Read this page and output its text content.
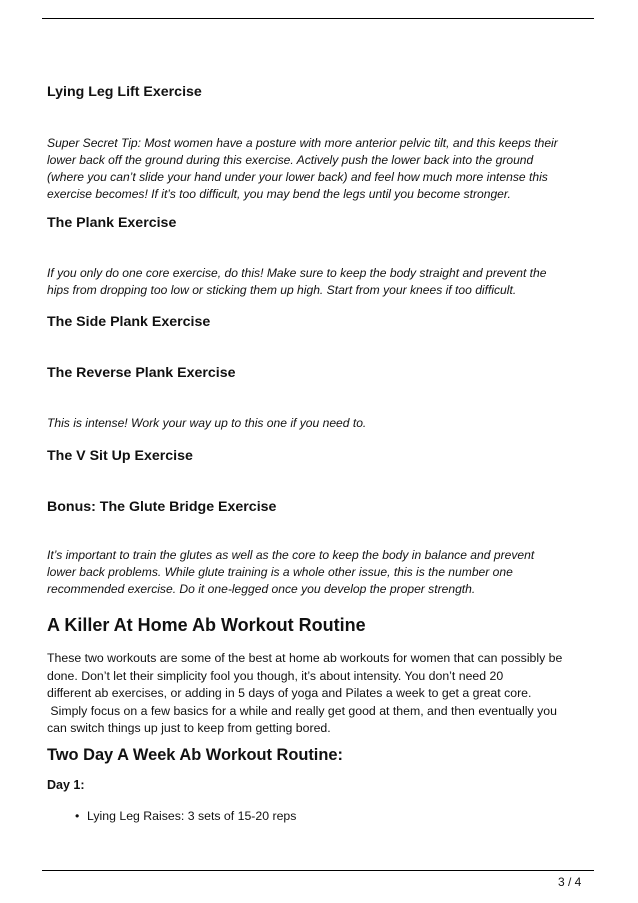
Lying Leg Lift Exercise
Super Secret Tip: Most women have a posture with more anterior pelvic tilt, and this keeps their
lower back off the ground during this exercise. Actively push the lower back into the ground
(where you can’t slide your hand under your lower back) and feel how much more intense this
exercise becomes! If it’s too difficult, you may bend the legs until you become stronger.
The Plank Exercise
If you only do one core exercise, do this! Make sure to keep the body straight and prevent the
hips from dropping too low or sticking them up high. Start from your knees if too difficult.
The Side Plank Exercise
The Reverse Plank Exercise
This is intense! Work your way up to this one if you need to.
The V Sit Up Exercise
Bonus: The Glute Bridge Exercise
It’s important to train the glutes as well as the core to keep the body in balance and prevent
lower back problems. While glute training is a whole other issue, this is the number one
recommended exercise. Do it one-legged once you develop the proper strength.
A Killer At Home Ab Workout Routine
These two workouts are some of the best at home ab workouts for women that can possibly be
done. Don’t let their simplicity fool you though, it’s about intensity. You don’t need 20
different ab exercises, or adding in 5 days of yoga and Pilates a week to get a great core.
Simply focus on a few basics for a while and really get good at them, and then eventually you
can switch things up just to keep from getting bored.
Two Day A Week Ab Workout Routine:
Day 1:
• Lying Leg Raises: 3 sets of 15-20 reps
3 / 4
